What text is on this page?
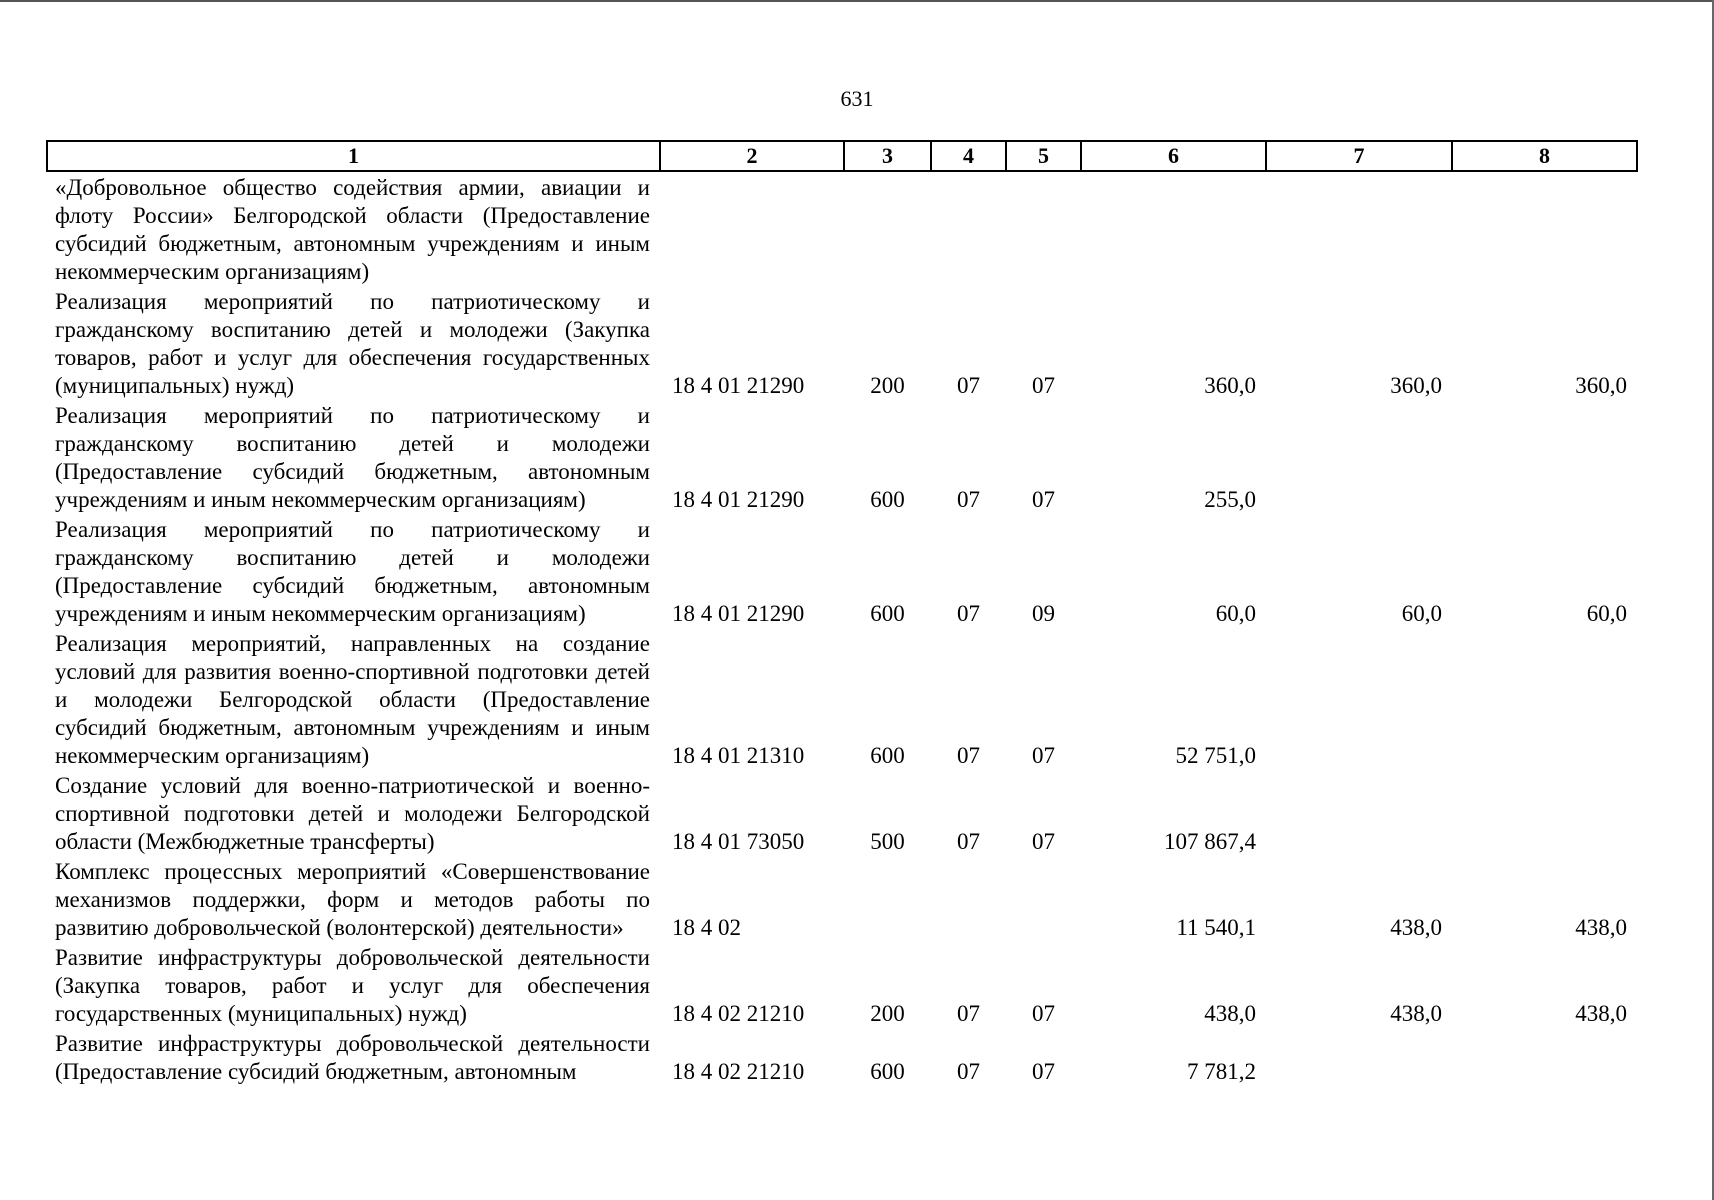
631
1	2	3	4	5	6	7	8
«Добровольное общество содействия армии, авиации и флоту России» Белгородской области (Предоставление субсидий бюджетным, автономным учреждениям и иным некоммерческим организациям)							
Реализация мероприятий по патриотическому и гражданскому воспитанию детей и молодежи (Закупка товаров, работ и услуг для обеспечения государственных (муниципальных) нужд)	18 4 01 21290	200	07	07	360,0	360,0	360,0
Реализация мероприятий по патриотическому и гражданскому воспитанию детей и молодежи (Предоставление субсидий бюджетным, автономным учреждениям и иным некоммерческим организациям)	18 4 01 21290	600	07	07	255,0		
Реализация мероприятий по патриотическому и гражданскому воспитанию детей и молодежи (Предоставление субсидий бюджетным, автономным учреждениям и иным некоммерческим организациям)	18 4 01 21290	600	07	09	60,0	60,0	60,0
Реализация мероприятий, направленных на создание условий для развития военно-спортивной подготовки детей и молодежи Белгородской области (Предоставление субсидий бюджетным, автономным учреждениям и иным некоммерческим организациям)	18 4 01 21310	600	07	07	52 751,0		
Создание условий для военно-патриотической и военно-спортивной подготовки детей и молодежи Белгородской области (Межбюджетные трансферты)	18 4 01 73050	500	07	07	107 867,4		
Комплекс процессных мероприятий «Совершенствование механизмов поддержки, форм и методов работы по развитию добровольческой (волонтерской) деятельности»	18 4 02				11 540,1	438,0	438,0
Развитие инфраструктуры добровольческой деятельности (Закупка товаров, работ и услуг для обеспечения государственных (муниципальных) нужд)	18 4 02 21210	200	07	07	438,0	438,0	438,0
Развитие инфраструктуры добровольческой деятельности (Предоставление субсидий бюджетным, автономным	18 4 02 21210	600	07	07	7 781,2		
